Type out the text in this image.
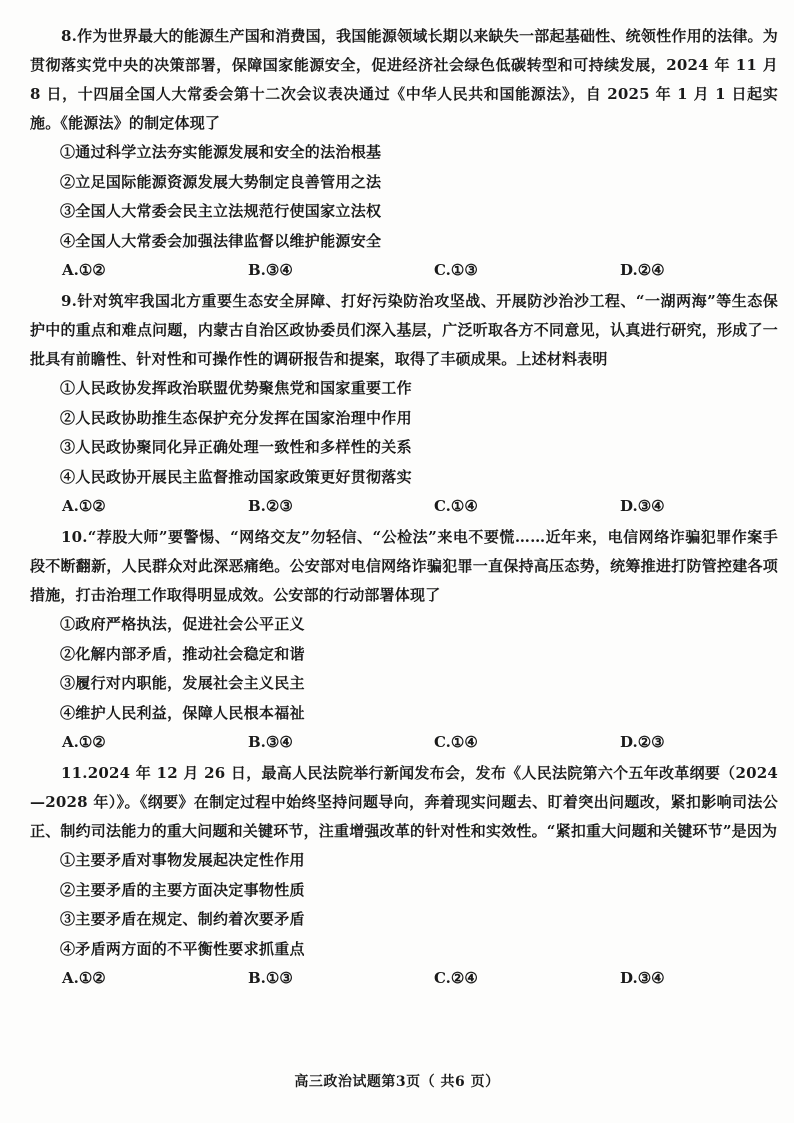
8.作为世界最大的能源生产国和消费国，我国能源领域长期以来缺失一部起基础性、统领性作用的法律。为贯彻落实党中央的决策部署，保障国家能源安全，促进经济社会绿色低碳转型和可持续发展，2024 年 11 月 8 日，十四届全国人大常委会第十二次会议表决通过《中华人民共和国能源法》，自 2025 年 1 月 1 日起实施。《能源法》的制定体现了

①通过科学立法夯实能源发展和安全的法治根基
②立足国际能源资源发展大势制定良善管用之法
③全国人大常委会民主立法规范行使国家立法权
④全国人大常委会加强法律监督以维护能源安全
A.①②	B.③④	C.①③	D.②④

9.针对筑牢我国北方重要生态安全屏障、打好污染防治攻坚战、开展防沙治沙工程、“一湖两海”等生态保护中的重点和难点问题，内蒙古自治区政协委员们深入基层，广泛听取各方不同意见，认真进行研究，形成了一批具有前瞻性、针对性和可操作性的调研报告和提案，取得了丰硕成果。上述材料表明

①人民政协发挥政治联盟优势聚焦党和国家重要工作
②人民政协助推生态保护充分发挥在国家治理中作用
③人民政协聚同化异正确处理一致性和多样性的关系
④人民政协开展民主监督推动国家政策更好贯彻落实
A.①②	B.②③	C.①④	D.③④

10.“荐股大师”要警惕、“网络交友”勿轻信、“公检法”来电不要慌……近年来，电信网络诈骗犯罪作案手段不断翻新，人民群众对此深恶痛绝。公安部对电信网络诈骗犯罪一直保持高压态势，统筹推进打防管控建各项措施，打击治理工作取得明显成效。公安部的行动部署体现了

①政府严格执法，促进社会公平正义
②化解内部矛盾，推动社会稳定和谐
③履行对内职能，发展社会主义民主
④维护人民利益，保障人民根本福祉
A.①②	B.③④	C.①④	D.②③

11.2024 年 12 月 26 日，最高人民法院举行新闻发布会，发布《人民法院第六个五年改革纲要（2024—2028 年）》。《纲要》在制定过程中始终坚持问题导向，奔着现实问题去、盯着突出问题改，紧扣影响司法公正、制约司法能力的重大问题和关键环节，注重增强改革的针对性和实效性。“紧扣重大问题和关键环节”是因为

①主要矛盾对事物发展起决定性作用
②主要矛盾的主要方面决定事物性质
③主要矛盾在规定、制约着次要矛盾
④矛盾两方面的不平衡性要求抓重点
A.①②	B.①③	C.②④	D.③④
高三政治试题第3页（ 共6 页）
